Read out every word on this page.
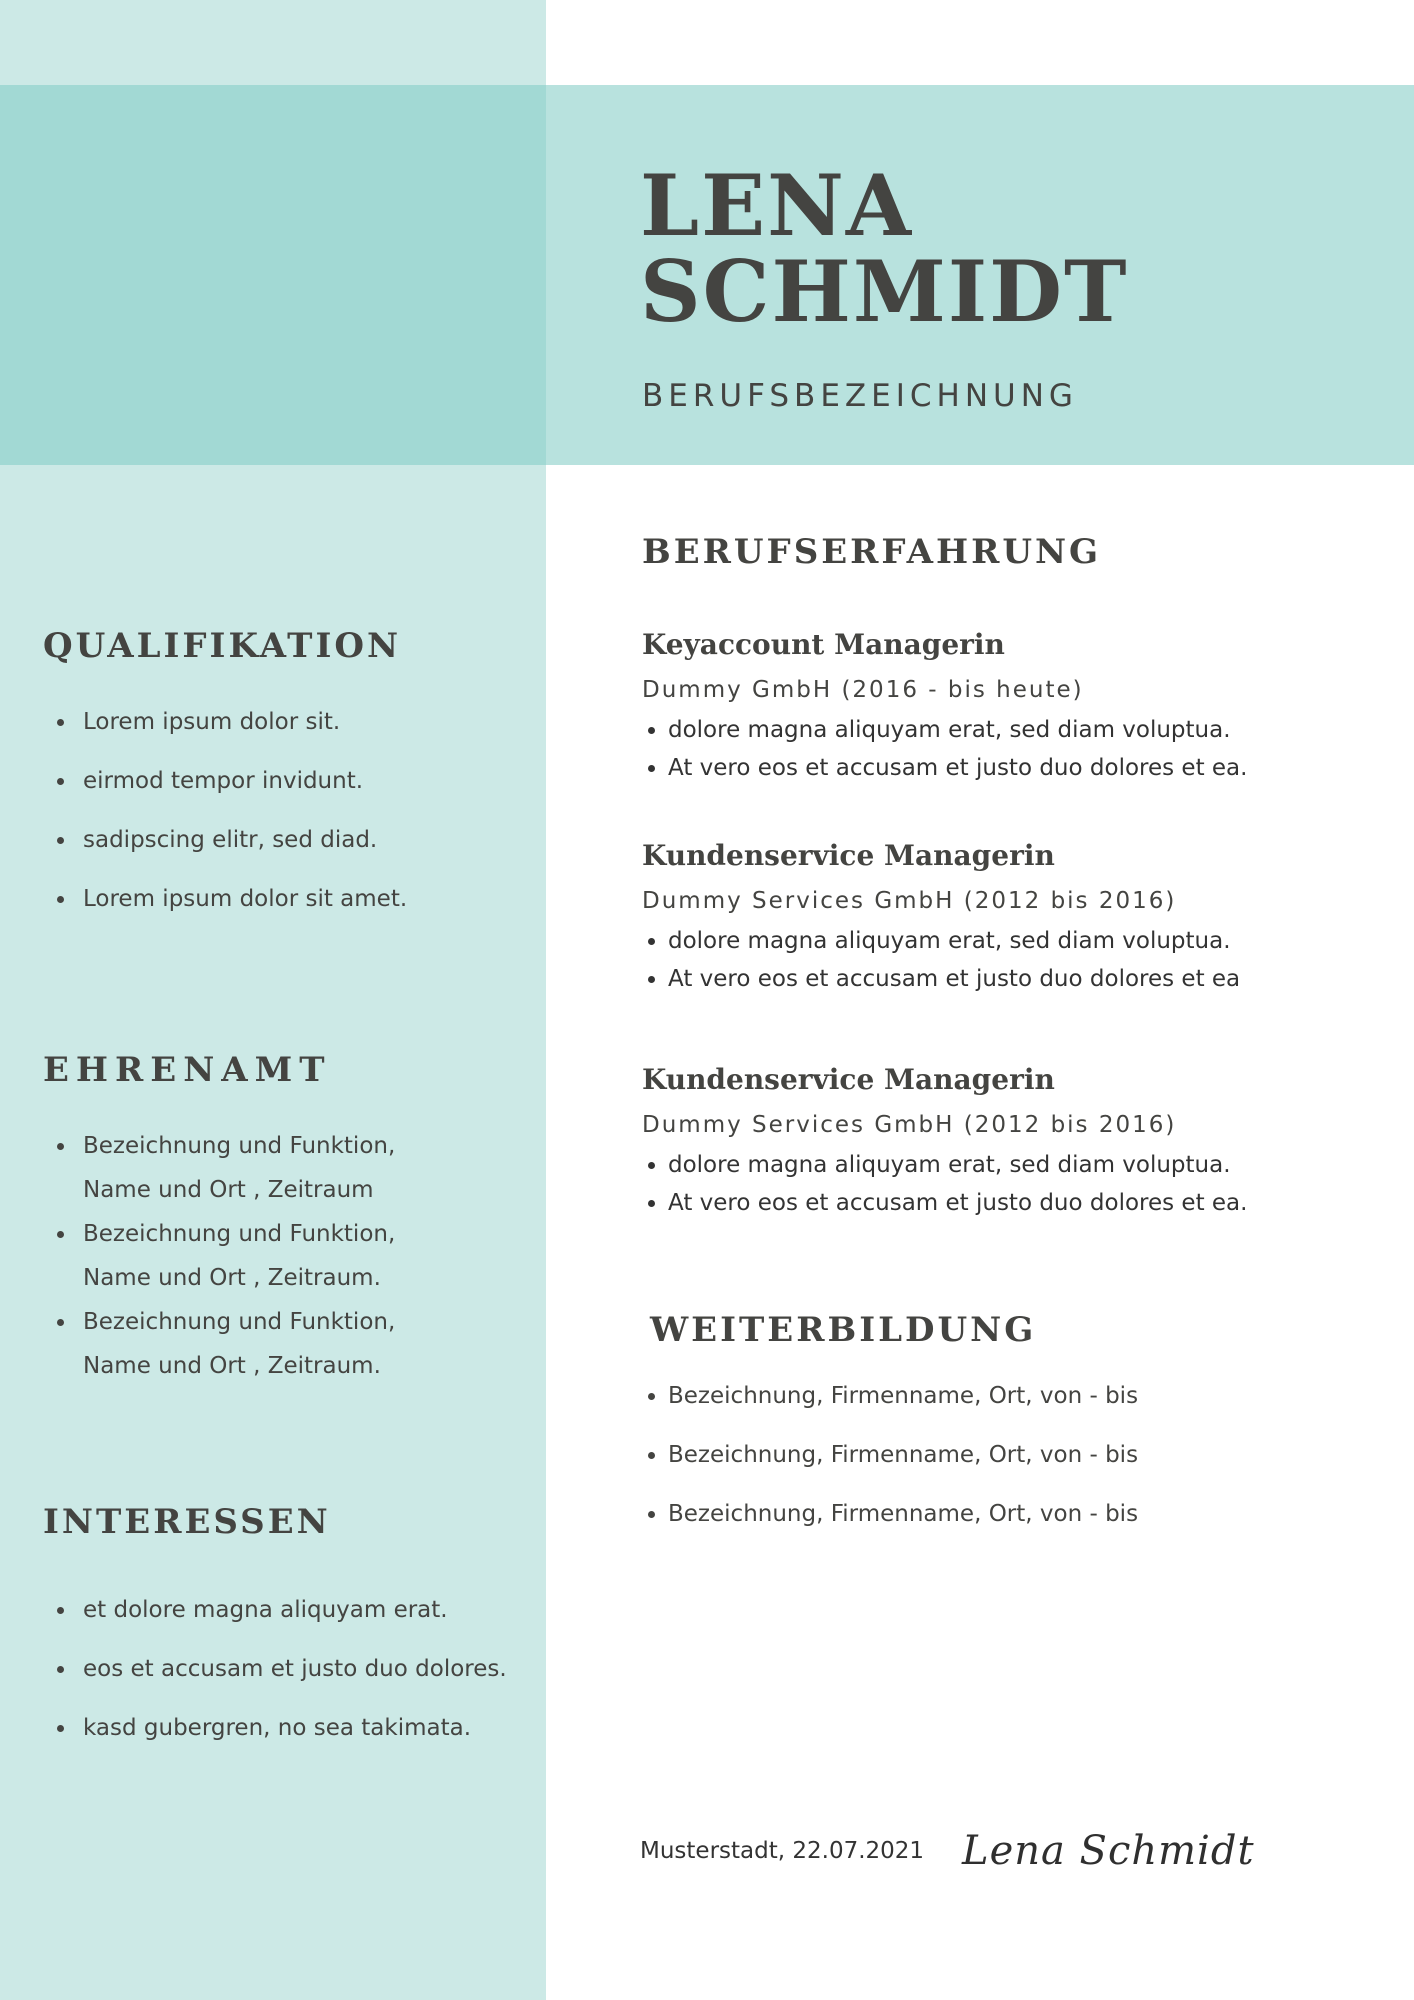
LENA
SCHMIDT
BERUFSBEZEICHNUNG
QUALIFIKATION
• Lorem ipsum dolor sit.
• eirmod tempor invidunt.
• sadipscing elitr, sed diad.
• Lorem ipsum dolor sit amet.
EHRENAMT
• Bezeichnung und Funktion, Name und Ort , Zeitraum
• Bezeichnung und Funktion, Name und Ort , Zeitraum.
• Bezeichnung und Funktion, Name und Ort , Zeitraum.
INTERESSEN
• et dolore magna aliquyam erat.
• eos et accusam et justo duo dolores.
• kasd gubergren, no sea takimata.
BERUFSERFAHRUNG
Keyaccount Managerin
Dummy GmbH (2016 - bis heute)
• dolore magna aliquyam erat, sed diam voluptua.
• At vero eos et accusam et justo duo dolores et ea.
Kundenservice Managerin
Dummy Services GmbH (2012 bis 2016)
• dolore magna aliquyam erat, sed diam voluptua.
• At vero eos et accusam et justo duo dolores et ea
Kundenservice Managerin
Dummy Services GmbH (2012 bis 2016)
• dolore magna aliquyam erat, sed diam voluptua.
• At vero eos et accusam et justo duo dolores et ea.
WEITERBILDUNG
• Bezeichnung, Firmenname, Ort, von - bis
• Bezeichnung, Firmenname, Ort, von - bis
• Bezeichnung, Firmenname, Ort, von - bis
Musterstadt, 22.07.2021 Lena Schmidt
